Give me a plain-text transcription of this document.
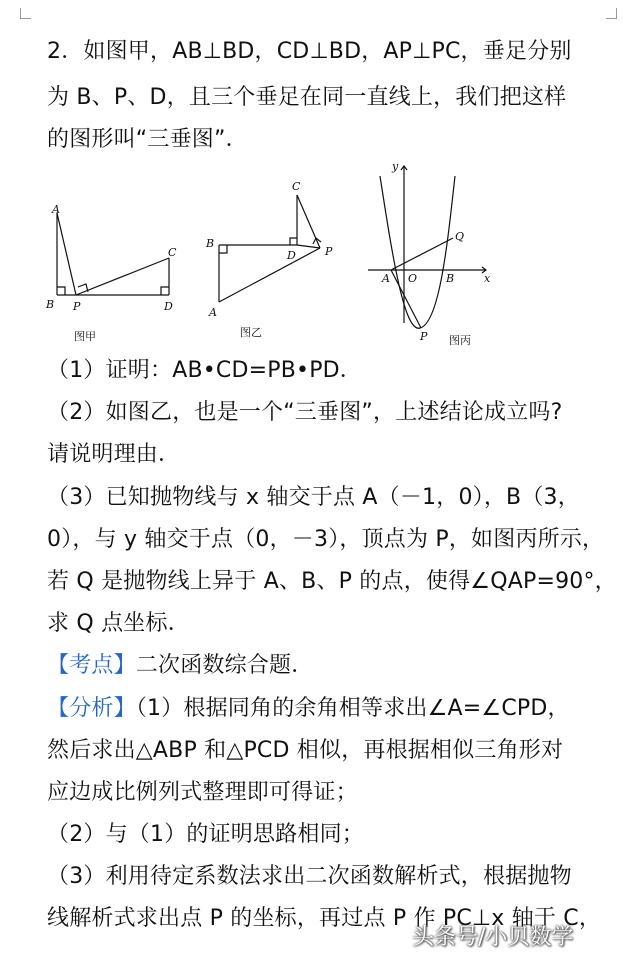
2．如图甲，AB⊥BD，CD⊥BD，AP⊥PC，垂足分别
为 B、P、D，且三个垂足在同一直线上，我们把这样
的图形叫“三垂图”．
A
B P
C
D
图甲
C
B
D	P
A
图乙
y
x
A O	B
Q
P 图丙
（1）证明：AB•CD=PB•PD．
（2）如图乙，也是一个“三垂图”，上述结论成立吗?
请说明理由．
（3）已知抛物线与 x 轴交于点 A（－1，0），B（3，
0），与 y 轴交于点（0，－3），顶点为 P，如图丙所示，
若 Q 是抛物线上异于 A、B、P 的点，使得∠QAP=90°，
求 Q 点坐标．
【考点】二次函数综合题．
【分析】（1）根据同角的余角相等求出∠A=∠CPD，
然后求出△ABP 和△PCD 相似，再根据相似三角形对
应边成比例列式整理即可得证；
（2）与（1）的证明思路相同；
（3）利用待定系数法求出二次函数解析式，根据抛物
线解析式求出点 P 的坐标，再过点 P 作 PC⊥x 轴于 C，
头条号/小贝数学
